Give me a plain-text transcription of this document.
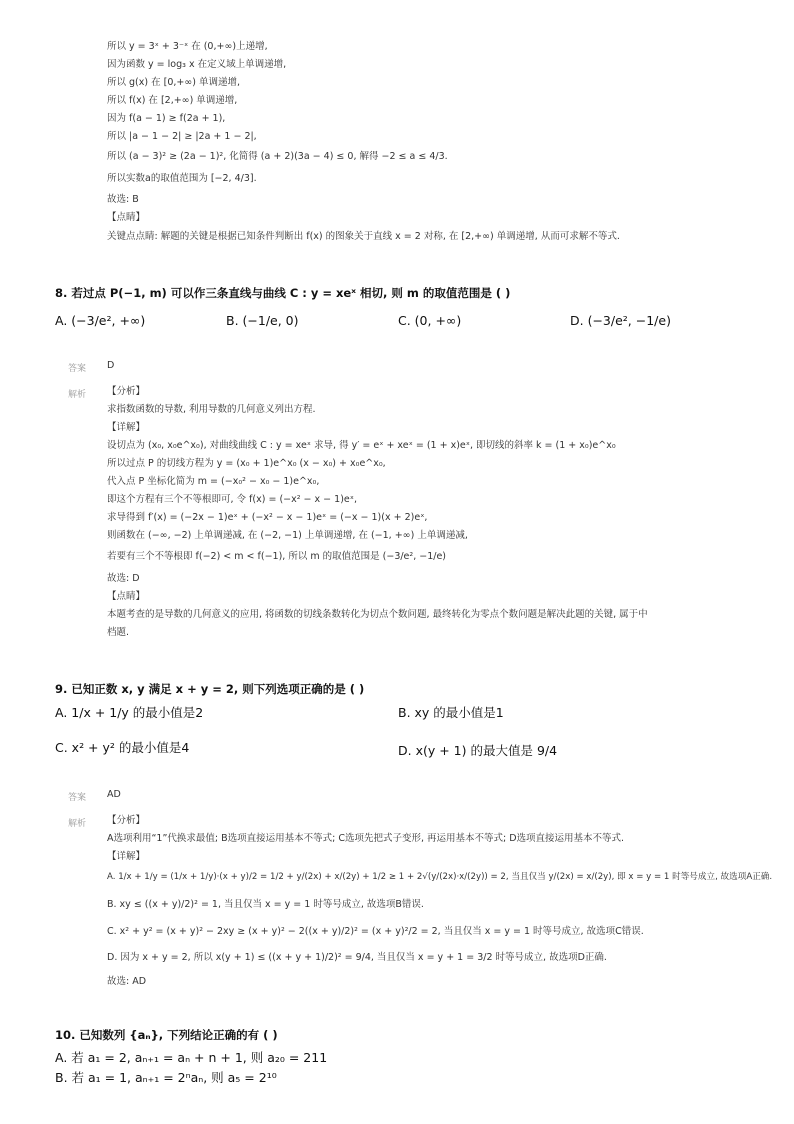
所以 y = 3ˣ + 3⁻ˣ 在 (0,+∞)上递增,
因为函数 y = log₃ x 在定义域上单调递增,
所以 g(x) 在 [0,+∞) 单调递增,
所以 f(x) 在 [2,+∞) 单调递增,
因为 f(a − 1) ≥ f(2a + 1),
所以 |a − 1 − 2| ≥ |2a + 1 − 2|,
所以 (a − 3)² ≥ (2a − 1)², 化简得 (a + 2)(3a − 4) ≤ 0, 解得 −2 ≤ a ≤ 4/3.
所以实数a的取值范围为 [−2, 4/3].
故选: B
【点睛】
关键点点睛: 解题的关键是根据已知条件判断出 f(x) 的图象关于直线 x = 2 对称, 在 [2,+∞) 单调递增, 从而可求解不等式.
8. 若过点 P(−1, m) 可以作三条直线与曲线 C : y = xeˣ 相切, 则 m 的取值范围是 ( )
A. (−3/e², +∞)	B. (−1/e, 0)	C. (0, +∞)	D. (−3/e², −1/e)
答案 D
解析 【分析】
求指数函数的导数, 利用导数的几何意义列出方程.
【详解】
设切点为 (x₀, x₀e^x₀), 对曲线曲线 C : y = xeˣ 求导, 得 y′ = eˣ + xeˣ = (1 + x)eˣ, 即切线的斜率 k = (1 + x₀)e^x₀
所以过点 P 的切线方程为 y = (x₀ + 1)e^x₀ (x − x₀) + x₀e^x₀,
代入点 P 坐标化简为 m = (−x₀² − x₀ − 1)e^x₀,
即这个方程有三个不等根即可, 令 f(x) = (−x² − x − 1)eˣ,
求导得到 f′(x) = (−2x − 1)eˣ + (−x² − x − 1)eˣ = (−x − 1)(x + 2)eˣ,
则函数在 (−∞, −2) 上单调递减, 在 (−2, −1) 上单调递增, 在 (−1, +∞) 上单调递减,
若要有三个不等根即 f(−2) < m < f(−1), 所以 m 的取值范围是 (−3/e², −1/e)
故选: D
【点睛】
本题考查的是导数的几何意义的应用, 将函数的切线条数转化为切点个数问题, 最终转化为零点个数问题是解决此题的关键, 属于中
档题.
9. 已知正数 x, y 满足 x + y = 2, 则下列选项正确的是 ( )
A. 1/x + 1/y 的最小值是2	B. xy 的最小值是1
C. x² + y² 的最小值是4	D. x(y + 1) 的最大值是 9/4
答案 AD
解析 【分析】
A选项利用“1”代换求最值; B选项直接运用基本不等式; C选项先把式子变形, 再运用基本不等式; D选项直接运用基本不等式.
【详解】
A. 1/x + 1/y = (1/x + 1/y)·(x + y)/2 = 1/2 + y/(2x) + x/(2y) + 1/2 ≥ 1 + 2√(y/(2x)·x/(2y)) = 2, 当且仅当 y/(2x) = x/(2y), 即 x = y = 1 时等号成立, 故选项A正确.
B. xy ≤ ((x + y)/2)² = 1, 当且仅当 x = y = 1 时等号成立, 故选项B错误.
C. x² + y² = (x + y)² − 2xy ≥ (x + y)² − 2((x + y)/2)² = (x + y)²/2 = 2, 当且仅当 x = y = 1 时等号成立, 故选项C错误.
D. 因为 x + y = 2, 所以 x(y + 1) ≤ ((x + y + 1)/2)² = 9/4, 当且仅当 x = y + 1 = 3/2 时等号成立, 故选项D正确.
故选: AD
10. 已知数列 {aₙ}, 下列结论正确的有 ( )
A. 若 a₁ = 2, aₙ₊₁ = aₙ + n + 1, 则 a₂₀ = 211
B. 若 a₁ = 1, aₙ₊₁ = 2ⁿaₙ, 则 a₅ = 2¹⁰
